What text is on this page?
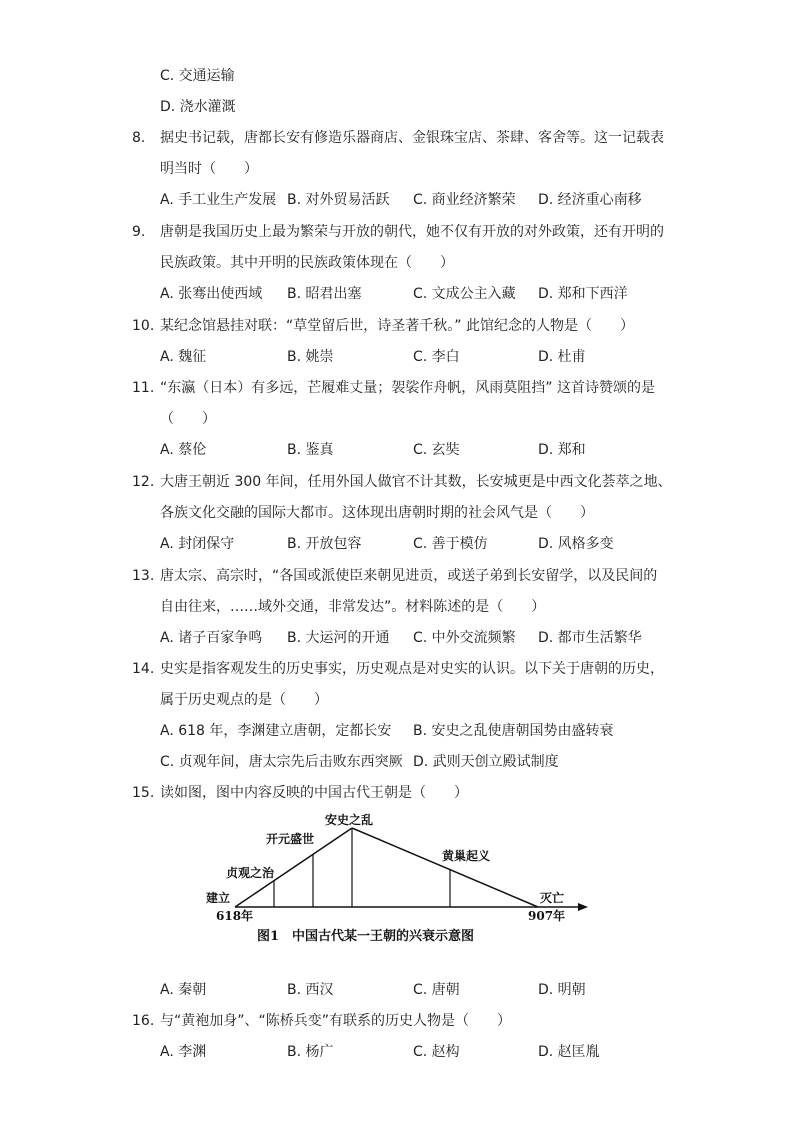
C. 交通运输
D. 浇水灌溉
8. 据史书记载，唐都长安有修造乐器商店、金银珠宝店、茶肆、客舍等。这一记载表
明当时（　　）
A. 手工业生产发展 B. 对外贸易活跃 C. 商业经济繁荣 D. 经济重心南移
9. 唐朝是我国历史上最为繁荣与开放的朝代，她不仅有开放的对外政策，还有开明的
民族政策。其中开明的民族政策体现在（　　）
A. 张骞出使西域 B. 昭君出塞	C. 文成公主入藏 D. 郑和下西洋
10. 某纪念馆悬挂对联：“草堂留后世，诗圣著千秋。” 此馆纪念的人物是（　　）
A. 魏征	B. 姚崇	C. 李白	D. 杜甫
11. “东瀛（日本）有多远，芒履难丈量；袈裟作舟帆，风雨莫阻挡” 这首诗赞颂的是
（　　）
A. 蔡伦	B. 鉴真	C. 玄奘	D. 郑和
12. 大唐王朝近 300 年间，任用外国人做官不计其数，长安城更是中西文化荟萃之地、
各族文化交融的国际大都市。这体现出唐朝时期的社会风气是（　　）
A. 封闭保守	B. 开放包容	C. 善于模仿	D. 风格多变
13. 唐太宗、高宗时，“各国或派使臣来朝见进贡，或送子弟到长安留学，以及民间的
自由往来，……域外交通，非常发达”。材料陈述的是（　　）
A. 诸子百家争鸣 B. 大运河的开通 C. 中外交流频繁 D. 都市生活繁华
14. 史实是指客观发生的历史事实，历史观点是对史实的认识。以下关于唐朝的历史，
属于历史观点的是（　　）
A. 618 年，李渊建立唐朝，定都长安 B. 安史之乱使唐朝国势由盛转衰
C. 贞观年间，唐太宗先后击败东西突厥 D. 武则天创立殿试制度
15. 读如图，图中内容反映的中国古代王朝是（　　）
建立
618年
贞观之治
开元盛世
安史之乱
黄巢起义
灭亡
907年
图1　中国古代某一王朝的兴衰示意图
A. 秦朝	B. 西汉	C. 唐朝	D. 明朝
16. 与“黄袍加身”、“陈桥兵变”有联系的历史人物是（　　）
A. 李渊	B. 杨广	C. 赵构	D. 赵匡胤
